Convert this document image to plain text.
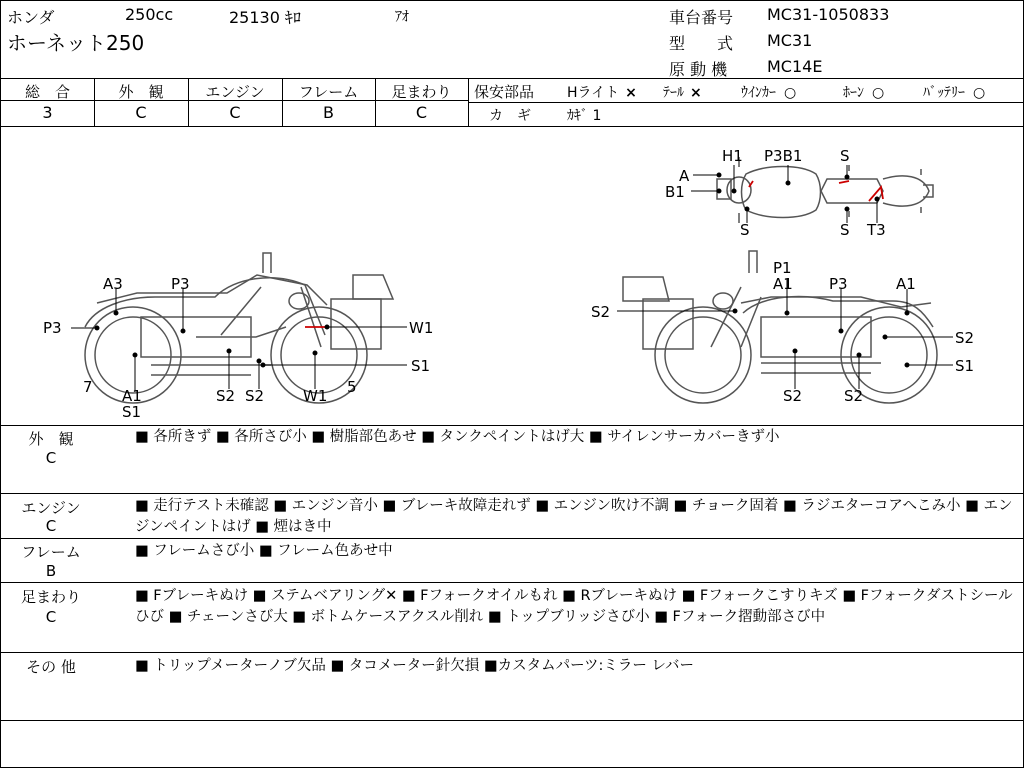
ホンダ	250cc	25130 ｷﾛ	ｱｵ
ホーネット250
車台番号 MC31-1050833
型　　式 MC31
原 動 機 MC14E
総　合
3
外　観
C
エンジン
C
フレーム
B
足まわり
C
保安部品 Hライト × ﾃｰﾙ ×	ｳｲﾝｶｰ ○	ﾎｰﾝ ○	ﾊﾞｯﾃﾘｰ ○
カ　ギ	ｶｷﾞ 1
A
B1
H1 P3B1	S
S	S T3
A3	P3
P3	W1
S1
7 A1
S1
S2 S2	W1 5
P1
A1 P3	A1
S2
S2
S1
S2	S2
外　観
C
■ 各所きず ■ 各所さび小 ■ 樹脂部色あせ ■ タンクペイントはげ大 ■ サイレンサーカバーきず小
エンジン
C
■ 走行テスト未確認 ■ エンジン音小 ■ ブレーキ故障走れず ■ エンジン吹け不調 ■ チョーク固着 ■ ラジエターコアへこみ小 ■ エンジンペイントはげ ■ 煙はき中
フレーム
B
■ フレームさび小 ■ フレーム色あせ中
足まわり
C
■ Fブレーキぬけ ■ ステムベアリング✕ ■ Fフォークオイルもれ ■ Rブレーキぬけ ■ Fフォークこすりキズ ■ Fフォークダストシールひび ■ チェーンさび大 ■ ボトムケースアクスル削れ ■ トップブリッジさび小 ■ Fフォーク摺動部さび中
その 他	■ トリップメーターノブ欠品 ■ タコメーター針欠損 ■カスタムパーツ:ミラー レバー
